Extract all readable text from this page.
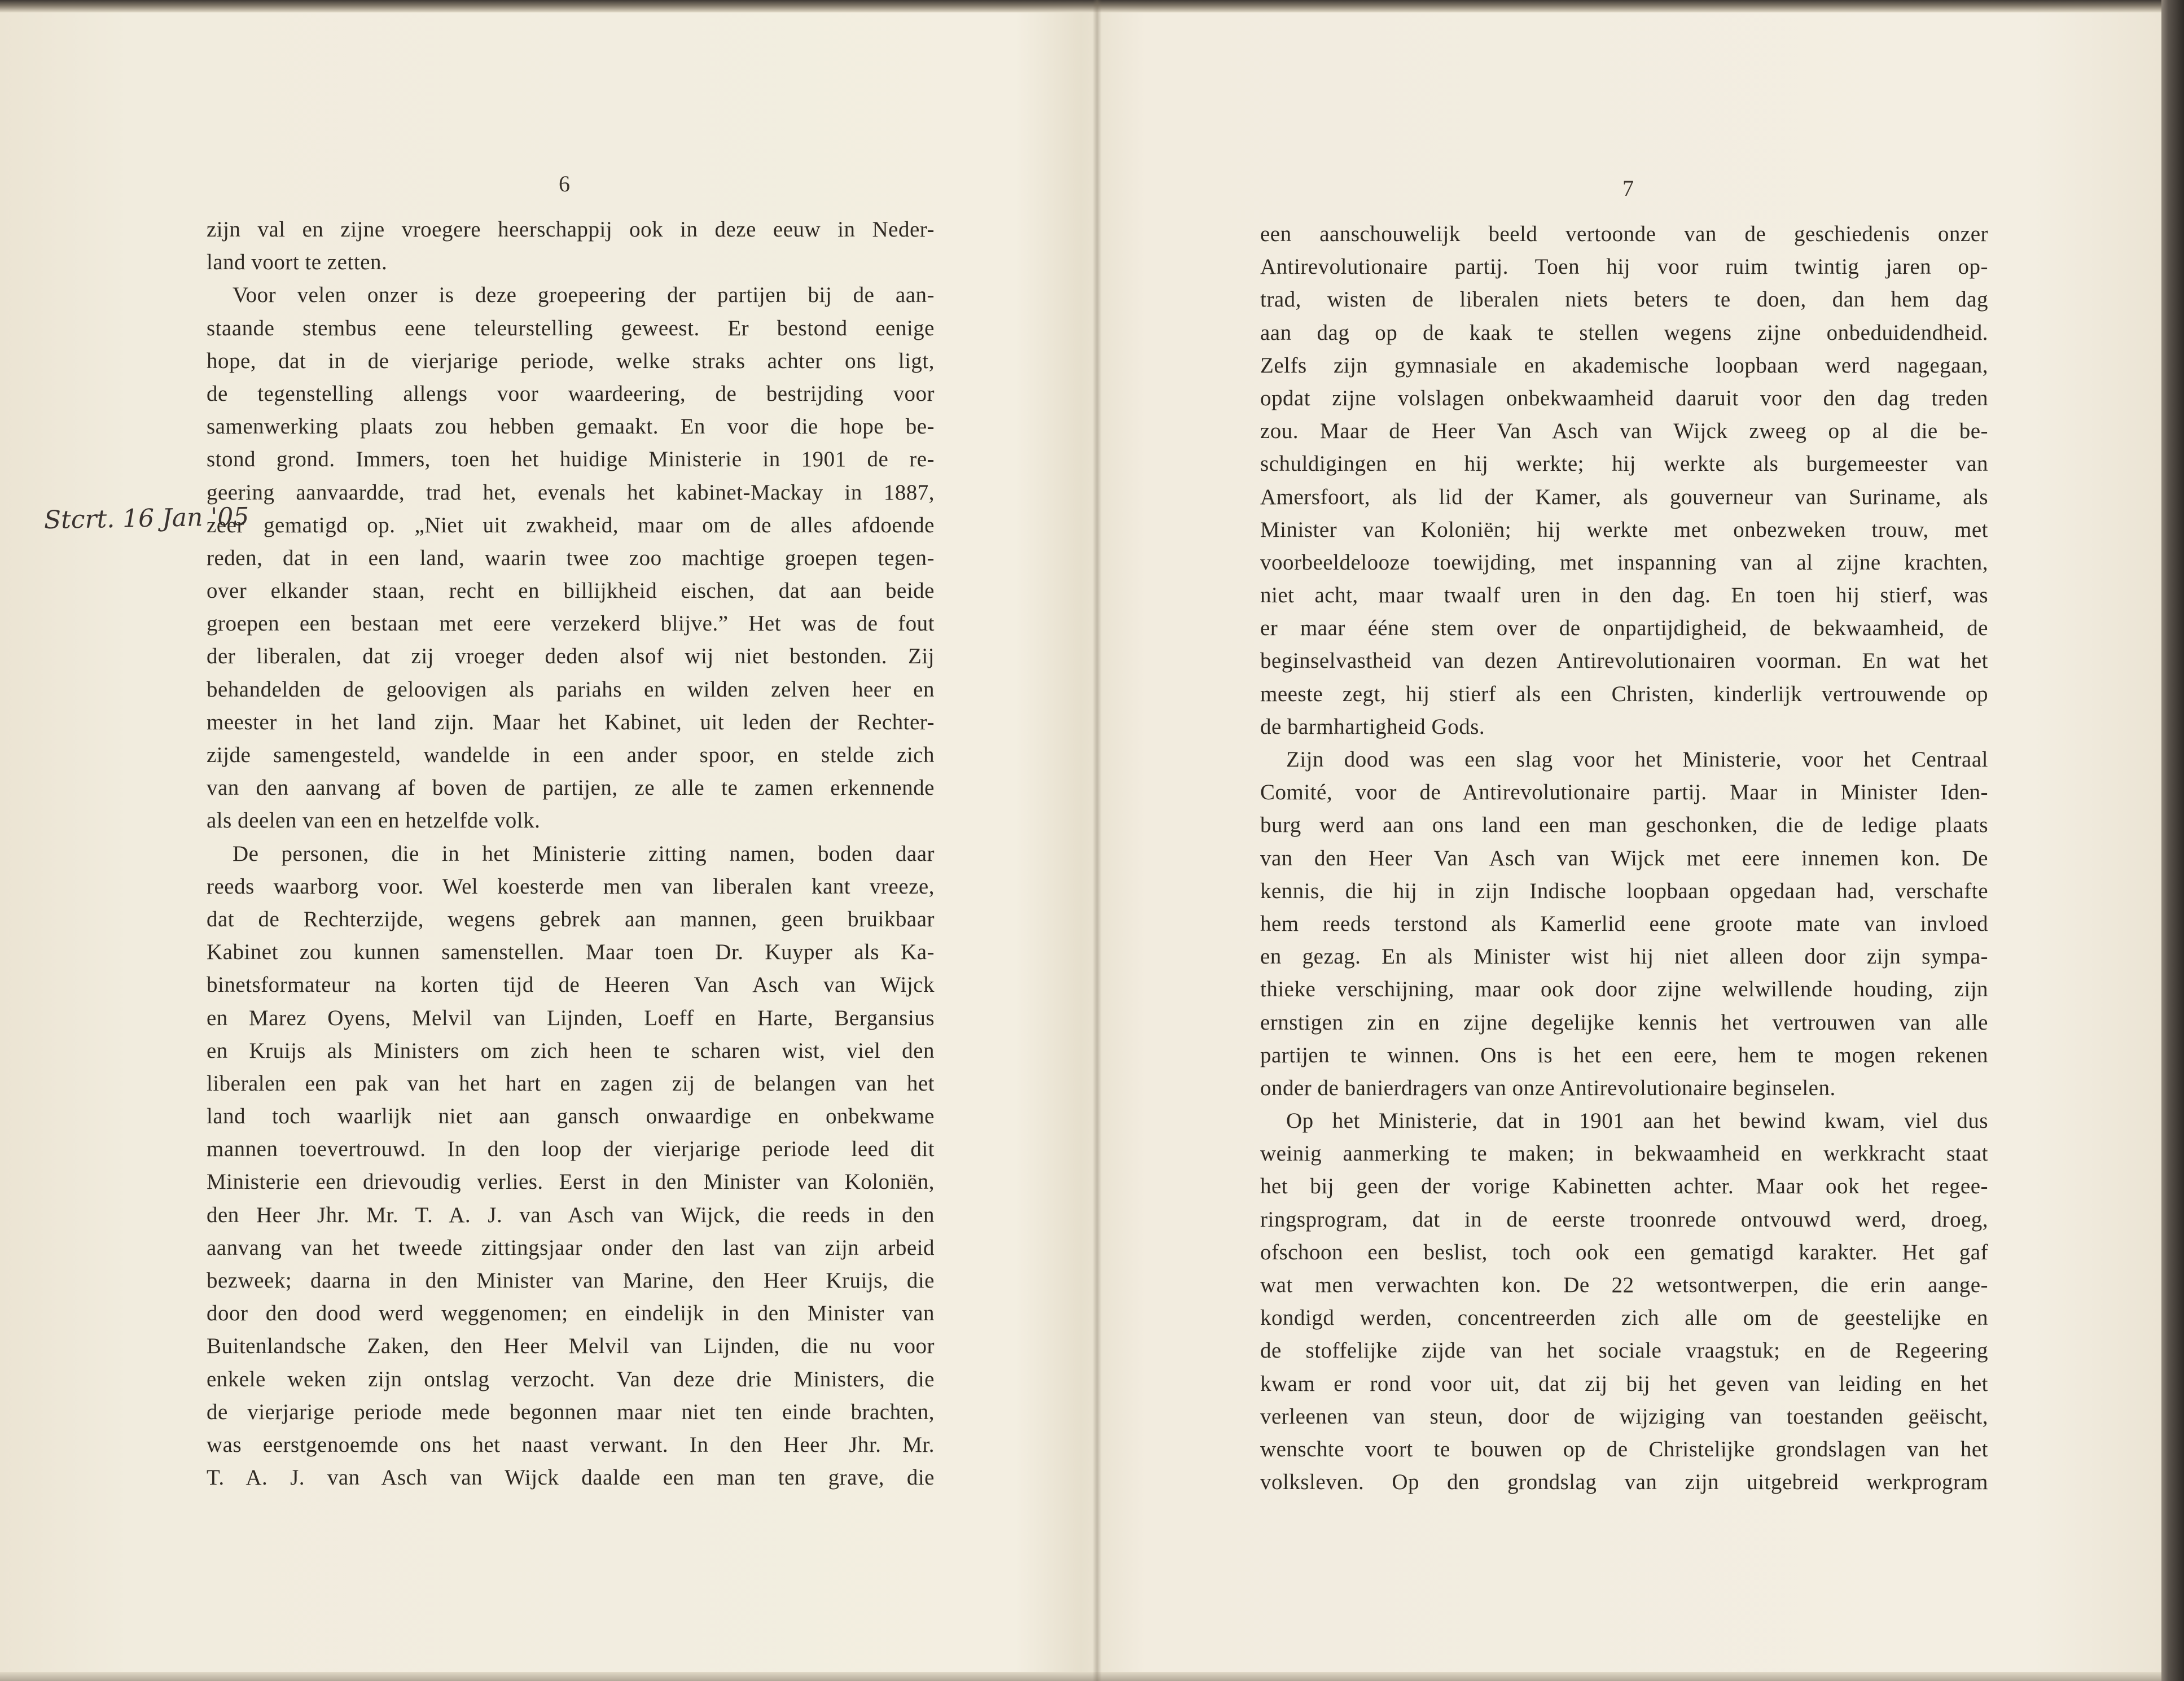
6
Stcrt. 16 Jan '05
zijn val en zijne vroegere heerschappij ook in deze eeuw in Neder-
land voort te zetten.
Voor velen onzer is deze groepeering der partijen bij de aan-
staande stembus eene teleurstelling geweest. Er bestond eenige
hope, dat in de vierjarige periode, welke straks achter ons ligt,
de tegenstelling allengs voor waardeering, de bestrijding voor
samenwerking plaats zou hebben gemaakt. En voor die hope be-
stond grond. Immers, toen het huidige Ministerie in 1901 de re-
geering aanvaardde, trad het, evenals het kabinet-Mackay in 1887,
zeer gematigd op. „Niet uit zwakheid, maar om de alles afdoende
reden, dat in een land, waarin twee zoo machtige groepen tegen-
over elkander staan, recht en billijkheid eischen, dat aan beide
groepen een bestaan met eere verzekerd blijve.” Het was de fout
der liberalen, dat zij vroeger deden alsof wij niet bestonden. Zij
behandelden de geloovigen als pariahs en wilden zelven heer en
meester in het land zijn. Maar het Kabinet, uit leden der Rechter-
zijde samengesteld, wandelde in een ander spoor, en stelde zich
van den aanvang af boven de partijen, ze alle te zamen erkennende
als deelen van een en hetzelfde volk.
De personen, die in het Ministerie zitting namen, boden daar
reeds waarborg voor. Wel koesterde men van liberalen kant vreeze,
dat de Rechterzijde, wegens gebrek aan mannen, geen bruikbaar
Kabinet zou kunnen samenstellen. Maar toen Dr. Kuyper als Ka-
binetsformateur na korten tijd de Heeren Van Asch van Wijck
en Marez Oyens, Melvil van Lijnden, Loeff en Harte, Bergansius
en Kruijs als Ministers om zich heen te scharen wist, viel den
liberalen een pak van het hart en zagen zij de belangen van het
land toch waarlijk niet aan gansch onwaardige en onbekwame
mannen toevertrouwd. In den loop der vierjarige periode leed dit
Ministerie een drievoudig verlies. Eerst in den Minister van Koloniën,
den Heer Jhr. Mr. T. A. J. van Asch van Wijck, die reeds in den
aanvang van het tweede zittingsjaar onder den last van zijn arbeid
bezweek; daarna in den Minister van Marine, den Heer Kruijs, die
door den dood werd weggenomen; en eindelijk in den Minister van
Buitenlandsche Zaken, den Heer Melvil van Lijnden, die nu voor
enkele weken zijn ontslag verzocht. Van deze drie Ministers, die
de vierjarige periode mede begonnen maar niet ten einde brachten,
was eerstgenoemde ons het naast verwant. In den Heer Jhr. Mr.
T. A. J. van Asch van Wijck daalde een man ten grave, die
7
een aanschouwelijk beeld vertoonde van de geschiedenis onzer
Antirevolutionaire partij. Toen hij voor ruim twintig jaren op-
trad, wisten de liberalen niets beters te doen, dan hem dag
aan dag op de kaak te stellen wegens zijne onbeduidendheid.
Zelfs zijn gymnasiale en akademische loopbaan werd nagegaan,
opdat zijne volslagen onbekwaamheid daaruit voor den dag treden
zou. Maar de Heer Van Asch van Wijck zweeg op al die be-
schuldigingen en hij werkte; hij werkte als burgemeester van
Amersfoort, als lid der Kamer, als gouverneur van Suriname, als
Minister van Koloniën; hij werkte met onbezweken trouw, met
voorbeeldelooze toewijding, met inspanning van al zijne krachten,
niet acht, maar twaalf uren in den dag. En toen hij stierf, was
er maar ééne stem over de onpartijdigheid, de bekwaamheid, de
beginselvastheid van dezen Antirevolutionairen voorman. En wat het
meeste zegt, hij stierf als een Christen, kinderlijk vertrouwende op
de barmhartigheid Gods.
Zijn dood was een slag voor het Ministerie, voor het Centraal
Comité, voor de Antirevolutionaire partij. Maar in Minister Iden-
burg werd aan ons land een man geschonken, die de ledige plaats
van den Heer Van Asch van Wijck met eere innemen kon. De
kennis, die hij in zijn Indische loopbaan opgedaan had, verschafte
hem reeds terstond als Kamerlid eene groote mate van invloed
en gezag. En als Minister wist hij niet alleen door zijn sympa-
thieke verschijning, maar ook door zijne welwillende houding, zijn
ernstigen zin en zijne degelijke kennis het vertrouwen van alle
partijen te winnen. Ons is het een eere, hem te mogen rekenen
onder de banierdragers van onze Antirevolutionaire beginselen.
Op het Ministerie, dat in 1901 aan het bewind kwam, viel dus
weinig aanmerking te maken; in bekwaamheid en werkkracht staat
het bij geen der vorige Kabinetten achter. Maar ook het regee-
ringsprogram, dat in de eerste troonrede ontvouwd werd, droeg,
ofschoon een beslist, toch ook een gematigd karakter. Het gaf
wat men verwachten kon. De 22 wetsontwerpen, die erin aange-
kondigd werden, concentreerden zich alle om de geestelijke en
de stoffelijke zijde van het sociale vraagstuk; en de Regeering
kwam er rond voor uit, dat zij bij het geven van leiding en het
verleenen van steun, door de wijziging van toestanden geëischt,
wenschte voort te bouwen op de Christelijke grondslagen van het
volksleven. Op den grondslag van zijn uitgebreid werkprogram
